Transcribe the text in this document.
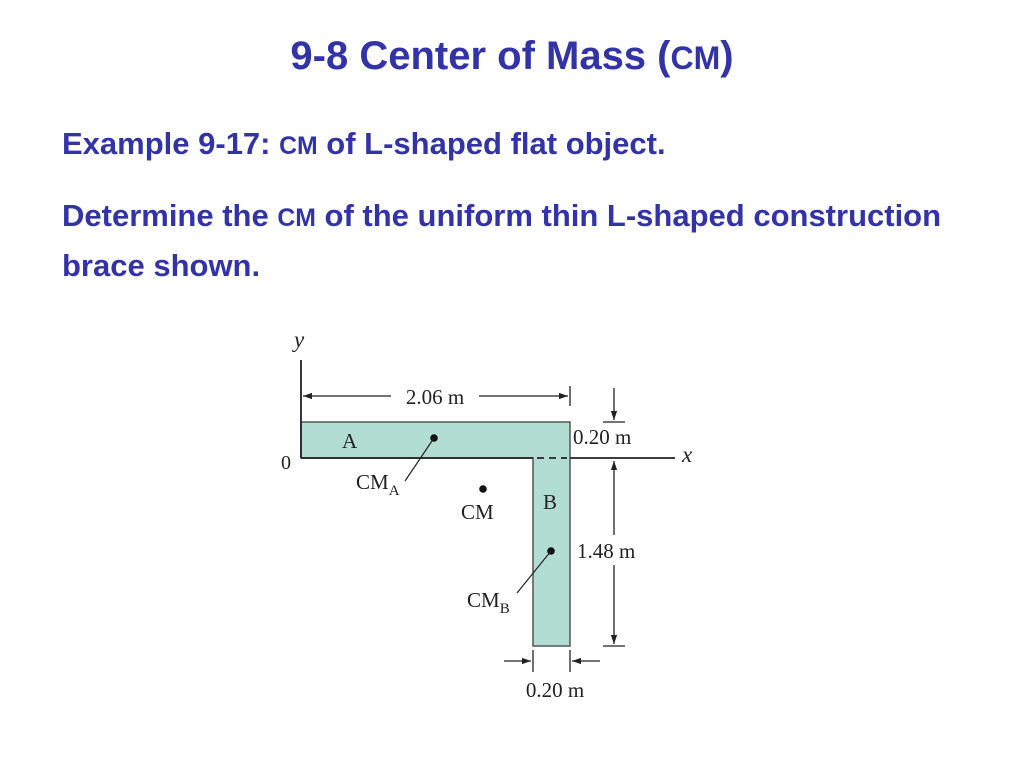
9-8 Center of Mass (CM)

Example 9-17: CM of L-shaped flat object.

Determine the CM of the uniform thin L-shaped construction brace shown.

y
x
0
2.06 m
0.20 m
1.48 m
0.20 m
A
B
$CM_A$
CM
$CM_B$
